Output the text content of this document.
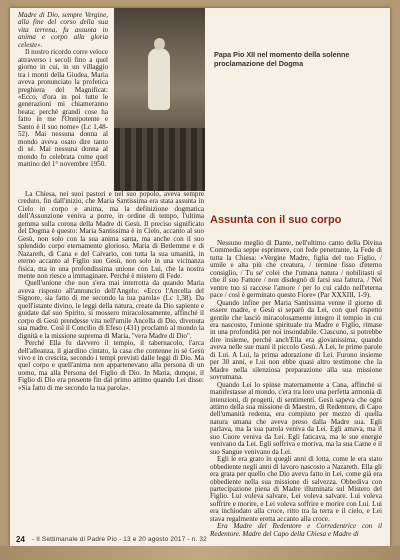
Madre di Dio, sempre Vergine, alla fine del corso della sua vita terrena, fu assunta in anima e corpo alla gloria celeste».

Il nostro ricordo corre veloce attraverso i secoli fino a quel giorno in cui, in un villaggio tra i monti della Giudea, Maria aveva pronunciato la profetica preghiera del Magnificat: «Ecco, d'ora in poi tutte le generazioni mi chiameranno beata; perché grandi cose ha fatto in me l'Onnipotente e Santo è il suo nome» (Lc 1,48-52). Mai nessuna donna al mondo aveva osato dire tanto di sé. Mai nessuna donna al mondo fu celebrata come quel mattino del 1° novembre 1950.

Papa Pio XII nel momento della solenne proclamazione del Dogma

La Chiesa, nei suoi pastori e nel suo popolo, aveva sempre creduto, fin dall'inizio, che Maria Santissima era stata assunta in Cielo in corpo e anima, ma la definizione dogmatica dell'Assunzione veniva a porre, in ordine di tempo, l'ultima gemma sulla corona della Madre di Gesù. Il preciso significato del Dogma è questo: Maria Santissima è in Cielo, accanto al suo Gesù, non solo con la sua anima santa, ma anche con il suo splendido corpo eternamente glorioso. Maria di Betlemme e di Nazareth, di Cana e del Calvario, con tutta la sua umanità, in eterno accanto al Figlio suo Gesù, non solo in una vicinanza fisica, ma in una profondissima unione con Lui, che la nostra mente non riesce a immaginare. Perché è mistero di Fede.

Quell'unione che non s'era mai interrotta da quando Maria aveva risposto all'annuncio dell'Angelo: «Ecco l'Ancella del Signore, sia fatto di me secondo la tua parola» (Lc 1,38). Da quell'istante divino, le leggi della natura, create da Dio sapiente e guidate dal suo Spirito, si mossero miracolosamente, affinché il corpo di Gesù prendesse vita nell'umile Ancella di Dio, divenuta sua madre. Così il Concilio di Efeso (431) proclamò al mondo la dignità e la missione suprema di Maria, "vera Madre di Dio".

Perché Ella fu davvero il tempio, il tabernacolo, l'arca dell'alleanza, il giardino cintato, la casa che contenne in sé Gesù vivo e in crescita, secondo i tempi previsti dalle leggi di Dio. Ma quel corpo e quell'anima non appartenevano alla persona di un uomo, ma alla Persona del Figlio di Dio. In Maria, dunque, il Figlio di Dio era presente fin dal primo attimo quando Lei disse: «Sia fatto di me secondo la tua parola».

Assunta con il suo corpo

Nessuno meglio di Dante, nell'ultimo canto della Divina Commedia seppe esprimere, con fede penetrante, la Fede di tutta la Chiesa: «Vergine Madre, figlia del tuo Figlio, / umile e alta più che creatura, / termine fisso d'eterno consiglio, / Tu se' colei che l'umana natura / nobilitasti sì che il suo Fattore / non disdegnò di farsi sua fattura. / Nel ventre tuo si raccese l'amore / per lo cui caldo nell'eterna pace / così è germinato questo Fiore» (Par XXXIII, 1-9).

Quando infine per Maria Santissima venne il giorno di essere madre, e Gesù si separò da Lei, con quel rispetto gentile che lasciò miracolosamente integro il tempio in cui era nascosto, l'unione spirituale tra Madre e Figlio, rimase in una profondità per noi insondabile. Ciascuno, si potrebbe dire insieme, perché anch'Ella era giovanissima, quando aveva nelle sue mani il piccolo Gesù. A Lei, le prime parole di Lui. A Lui, la prima adorazione di Lei. Furono insieme per 30 anni, e Lui non ebbe quasi altro testimone che la Madre nella silenziosa preparazione alla sua missione sovrumana.

Quando Lei lo spinse maternamente a Cana, affinché si manifestasse al mondo, c'era tra loro una perfetta armonia di intenzioni, di progetti, di sentimenti. Gesù sapeva che ogni attimo della sua missione di Maestro, di Redentore, di Capo dell'umanità redenta, era compiuto per mezzo di quella natura umana che aveva preso dalla Madre sua. Egli parlava, ma la sua parola veniva da Lei. Egli amava, ma il suo Cuore veniva da Lei. Egli faticava, ma le sue energie venivano da Lei. Egli soffriva e moriva, ma la sua Carne e il suo Sangue venivano da Lei.

Egli le era grato in quegli anni di lotta, come le era stato obbediente negli anni di lavoro nascosto a Nazareth. Ella gli era grata per quello che Dio aveva fatto in Lei, come già era obbediente nella sua missione di salvezza. Obbediva con partecipazione piena di Madre illuminata sul Mistero del Figlio. Lui voleva salvare, Lei voleva salvare. Lui voleva soffrire e morire, e Lei voleva soffrire e morire con Lui. Lui era inchiodato alla croce, ritto tra la terra e il cielo, e Lei stava regalmente eretta accanto alla croce.

Era Madre del Redentore e Corredentrice con il Redentore. Madre del Capo della Chiesa e Madre di

24 - Il Settimanale di Padre Pio - 13 e 20 agosto 2017 - n. 32
